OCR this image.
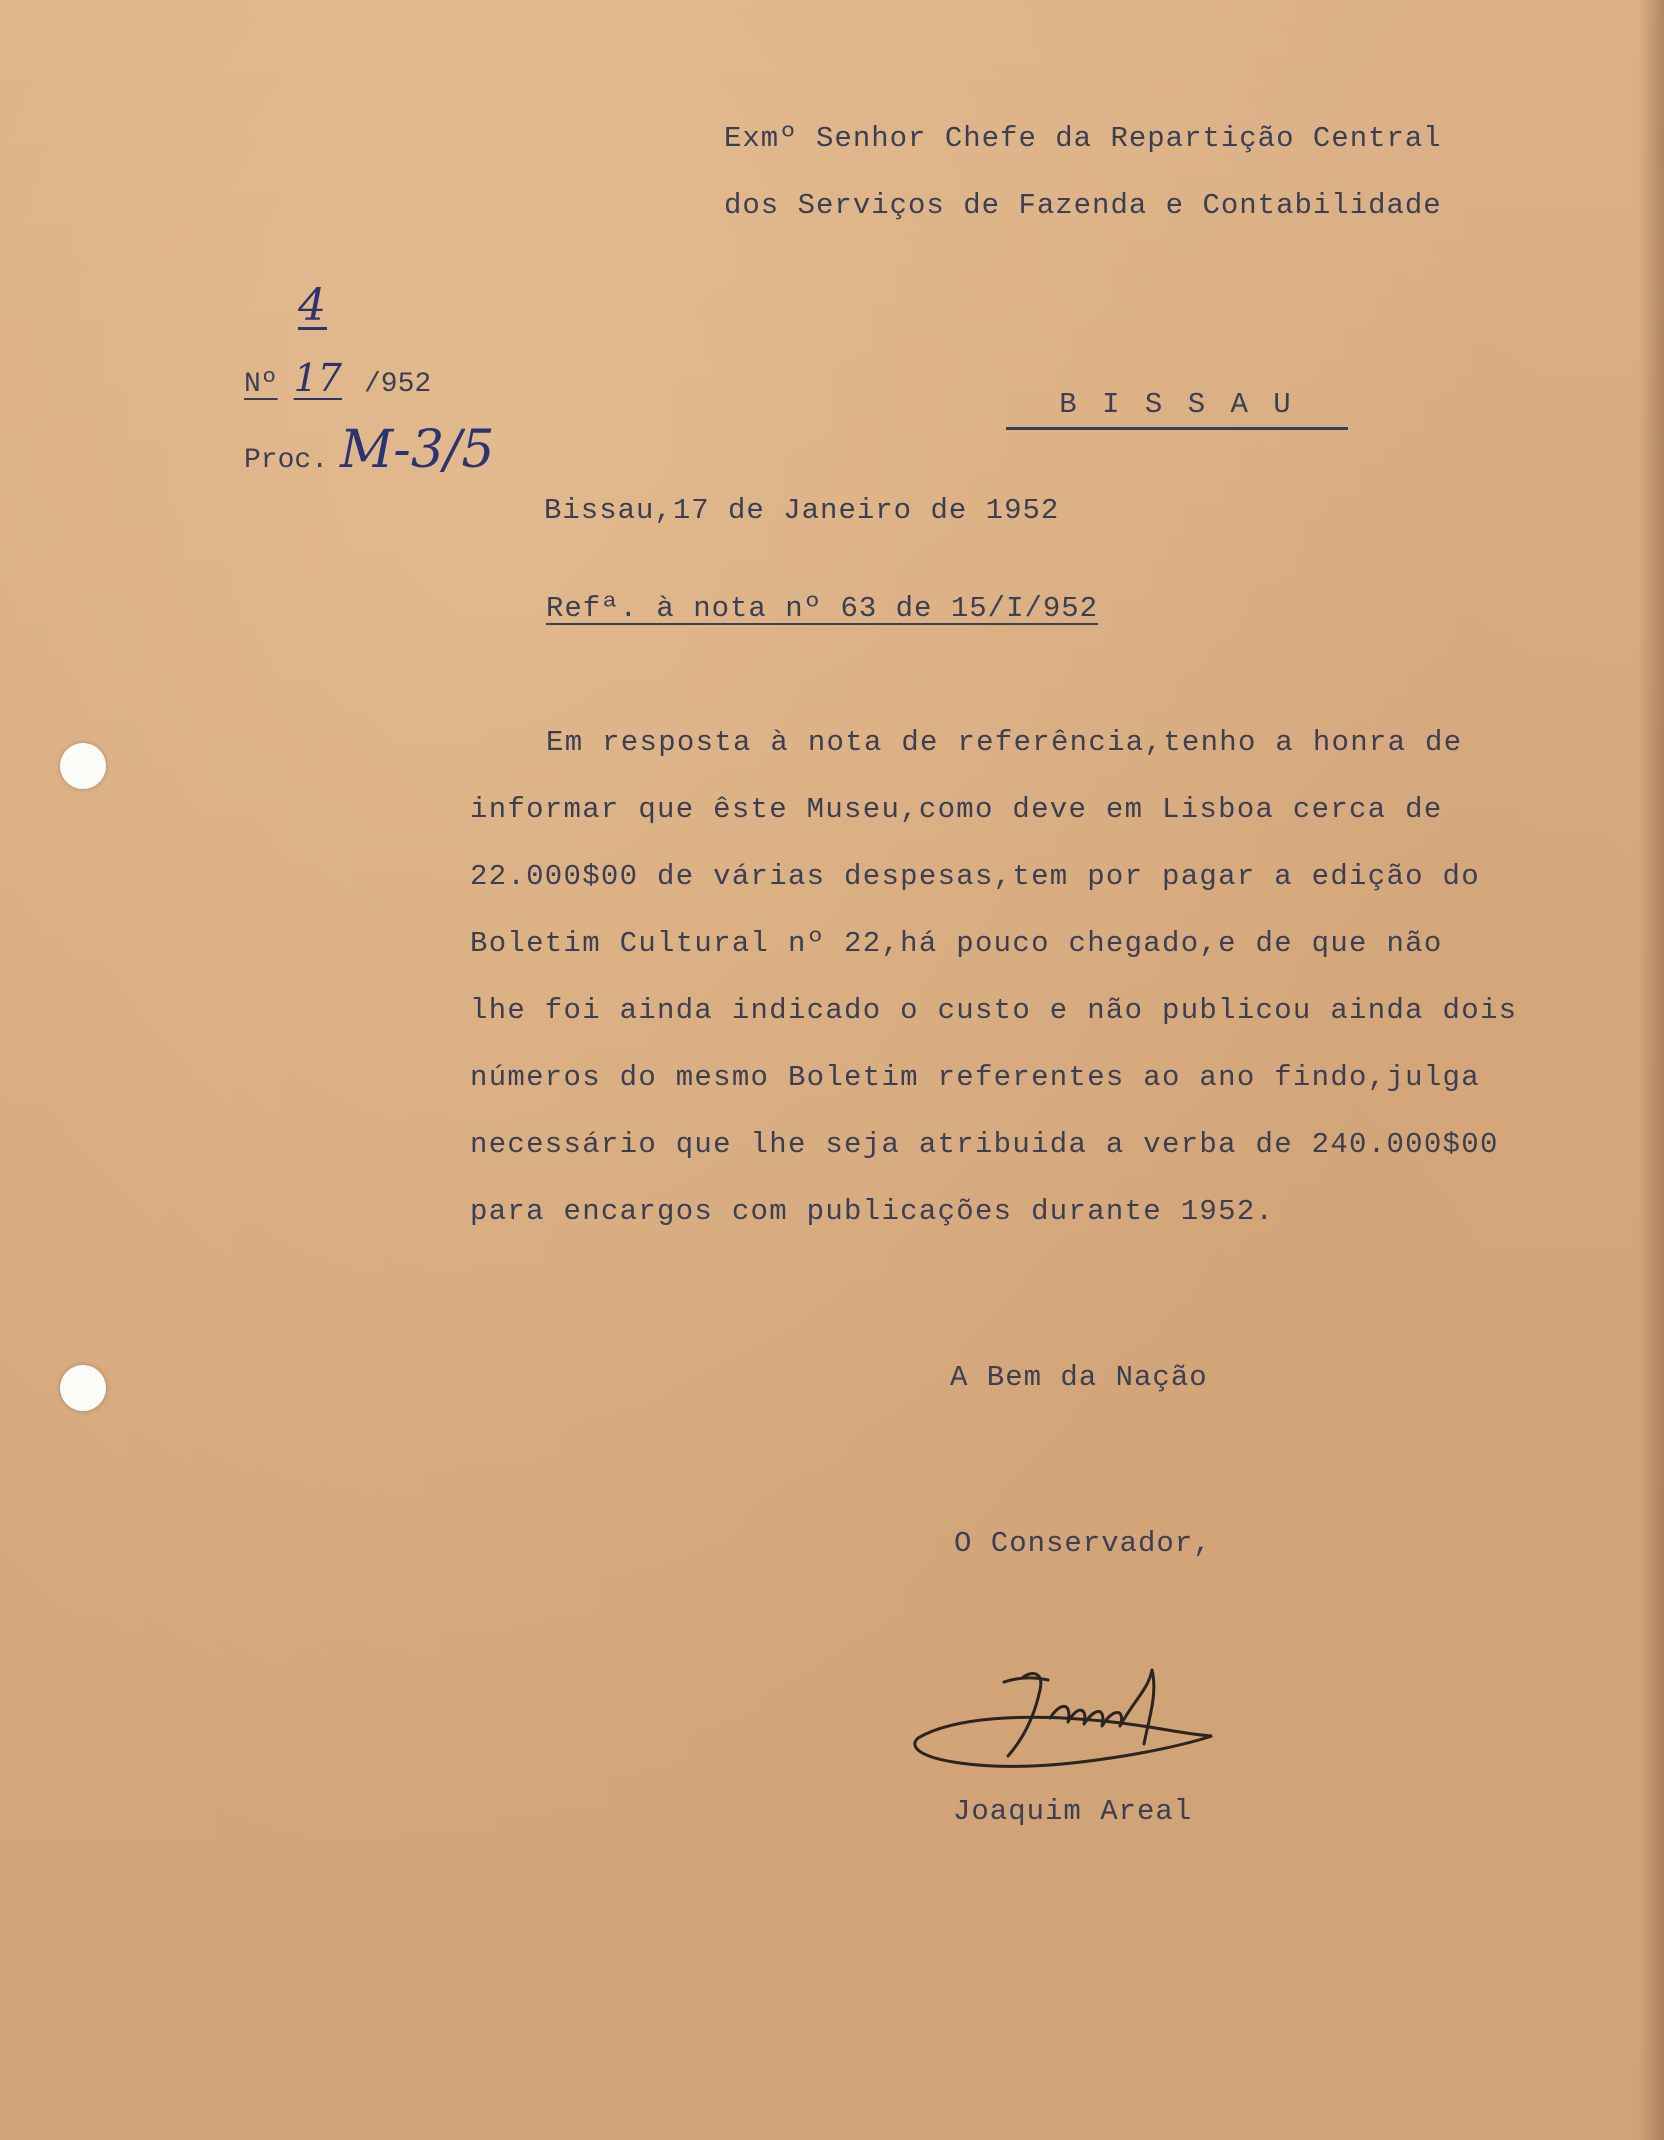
Exmº Senhor Chefe da Repartição Central
dos Serviços de Fazenda e Contabilidade
4
Nº 17 /952
Proc. M-3/5
B I S S A U
Bissau,17 de Janeiro de 1952
Refª. à nota nº 63 de 15/I/952
Em resposta à nota de referência,tenho a honra de
informar que êste Museu,como deve em Lisboa cerca de
22.000$00 de várias despesas,tem por pagar a edição do
Boletim Cultural nº 22,há pouco chegado,e de que não
lhe foi ainda indicado o custo e não publicou ainda dois
números do mesmo Boletim referentes ao ano findo,julga
necessário que lhe seja atribuida a verba de 240.000$00
para encargos com publicações durante 1952.
A Bem da Nação
O Conservador,
Joaquim Areal
